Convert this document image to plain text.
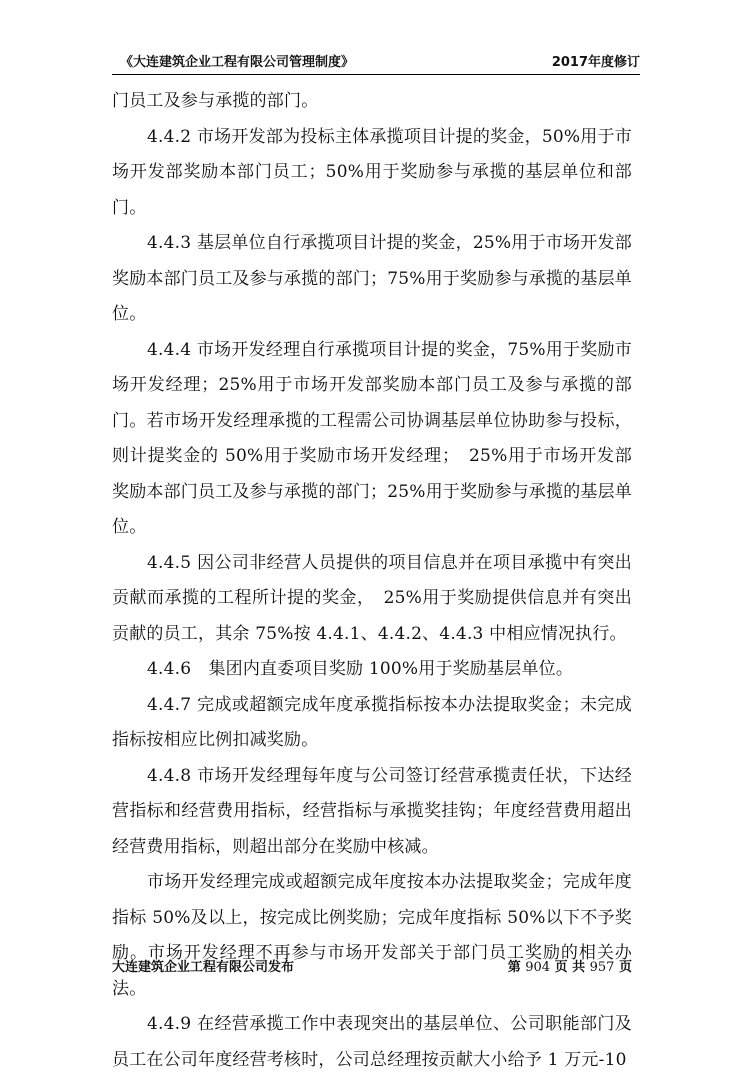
《大连建筑企业工程有限公司管理制度》	2017年度修订

门员工及参与承揽的部门。

4.4.2 市场开发部为投标主体承揽项目计提的奖金，50%用于市场开发部奖励本部门员工；50%用于奖励参与承揽的基层单位和部门。

4.4.3 基层单位自行承揽项目计提的奖金，25%用于市场开发部奖励本部门员工及参与承揽的部门；75%用于奖励参与承揽的基层单位。

4.4.4 市场开发经理自行承揽项目计提的奖金，75%用于奖励市场开发经理；25%用于市场开发部奖励本部门员工及参与承揽的部门。若市场开发经理承揽的工程需公司协调基层单位协助参与投标，则计提奖金的 50%用于奖励市场开发经理；　25%用于市场开发部奖励本部门员工及参与承揽的部门；25%用于奖励参与承揽的基层单位。

4.4.5 因公司非经营人员提供的项目信息并在项目承揽中有突出贡献而承揽的工程所计提的奖金，　25%用于奖励提供信息并有突出贡献的员工，其余 75%按 4.4.1、4.4.2、4.4.3 中相应情况执行。

4.4.6　集团内直委项目奖励 100%用于奖励基层单位。

4.4.7 完成或超额完成年度承揽指标按本办法提取奖金；未完成指标按相应比例扣减奖励。

4.4.8 市场开发经理每年度与公司签订经营承揽责任状，下达经营指标和经营费用指标，经营指标与承揽奖挂钩；年度经营费用超出经营费用指标，则超出部分在奖励中核减。

市场开发经理完成或超额完成年度按本办法提取奖金；完成年度指标 50%及以上，按完成比例奖励；完成年度指标 50%以下不予奖励。市场开发经理不再参与市场开发部关于部门员工奖励的相关办法。

4.4.9 在经营承揽工作中表现突出的基层单位、公司职能部门及员工在公司年度经营考核时，公司总经理按贡献大小给予 1 万元-10

大连建筑企业工程有限公司发布	第 904 页 共 957 页
